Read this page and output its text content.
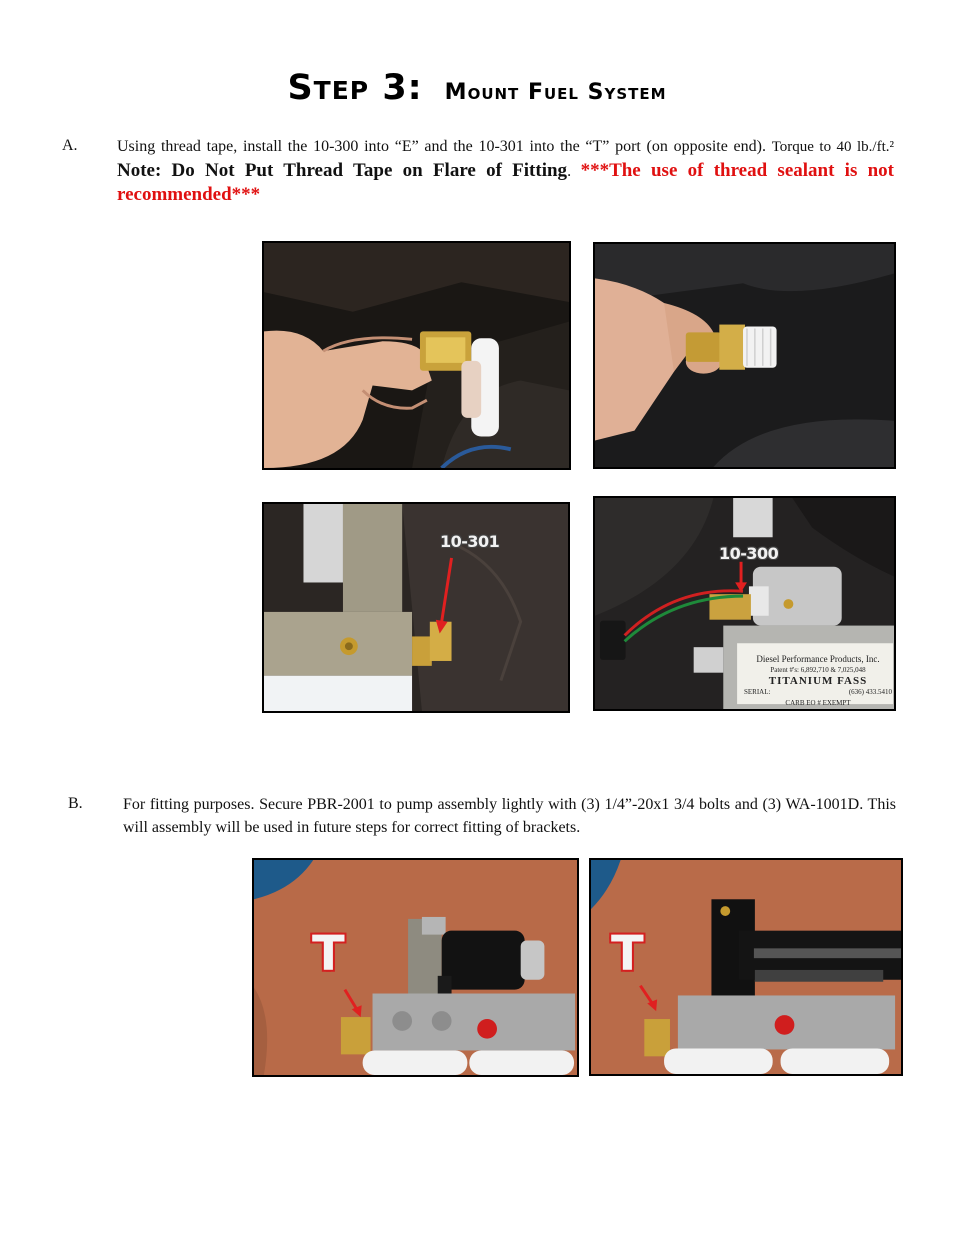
Step 3: Mount Fuel System
A. Using thread tape, install the 10-300 into “E” and the 10-301 into the “T” port (on opposite end). Torque to 40 lb./ft.² Note: Do Not Put Thread Tape on Flare of Fitting. ***The use of thread sealant is not recommended***
10-301
10-300
Diesel Performance Products, Inc.
Patent #'s: 6,892,710 & 7,025,048
TITANIUM FASS
SERIAL:	(636) 433.5410
CARB EO # EXEMPT
B.	For fitting purposes. Secure PBR-2001 to pump assembly lightly with (3) 1/4”-20x1 3/4 bolts and (3) WA-1001D. This will assembly will be used in future steps for correct fitting of brackets.
T	T
